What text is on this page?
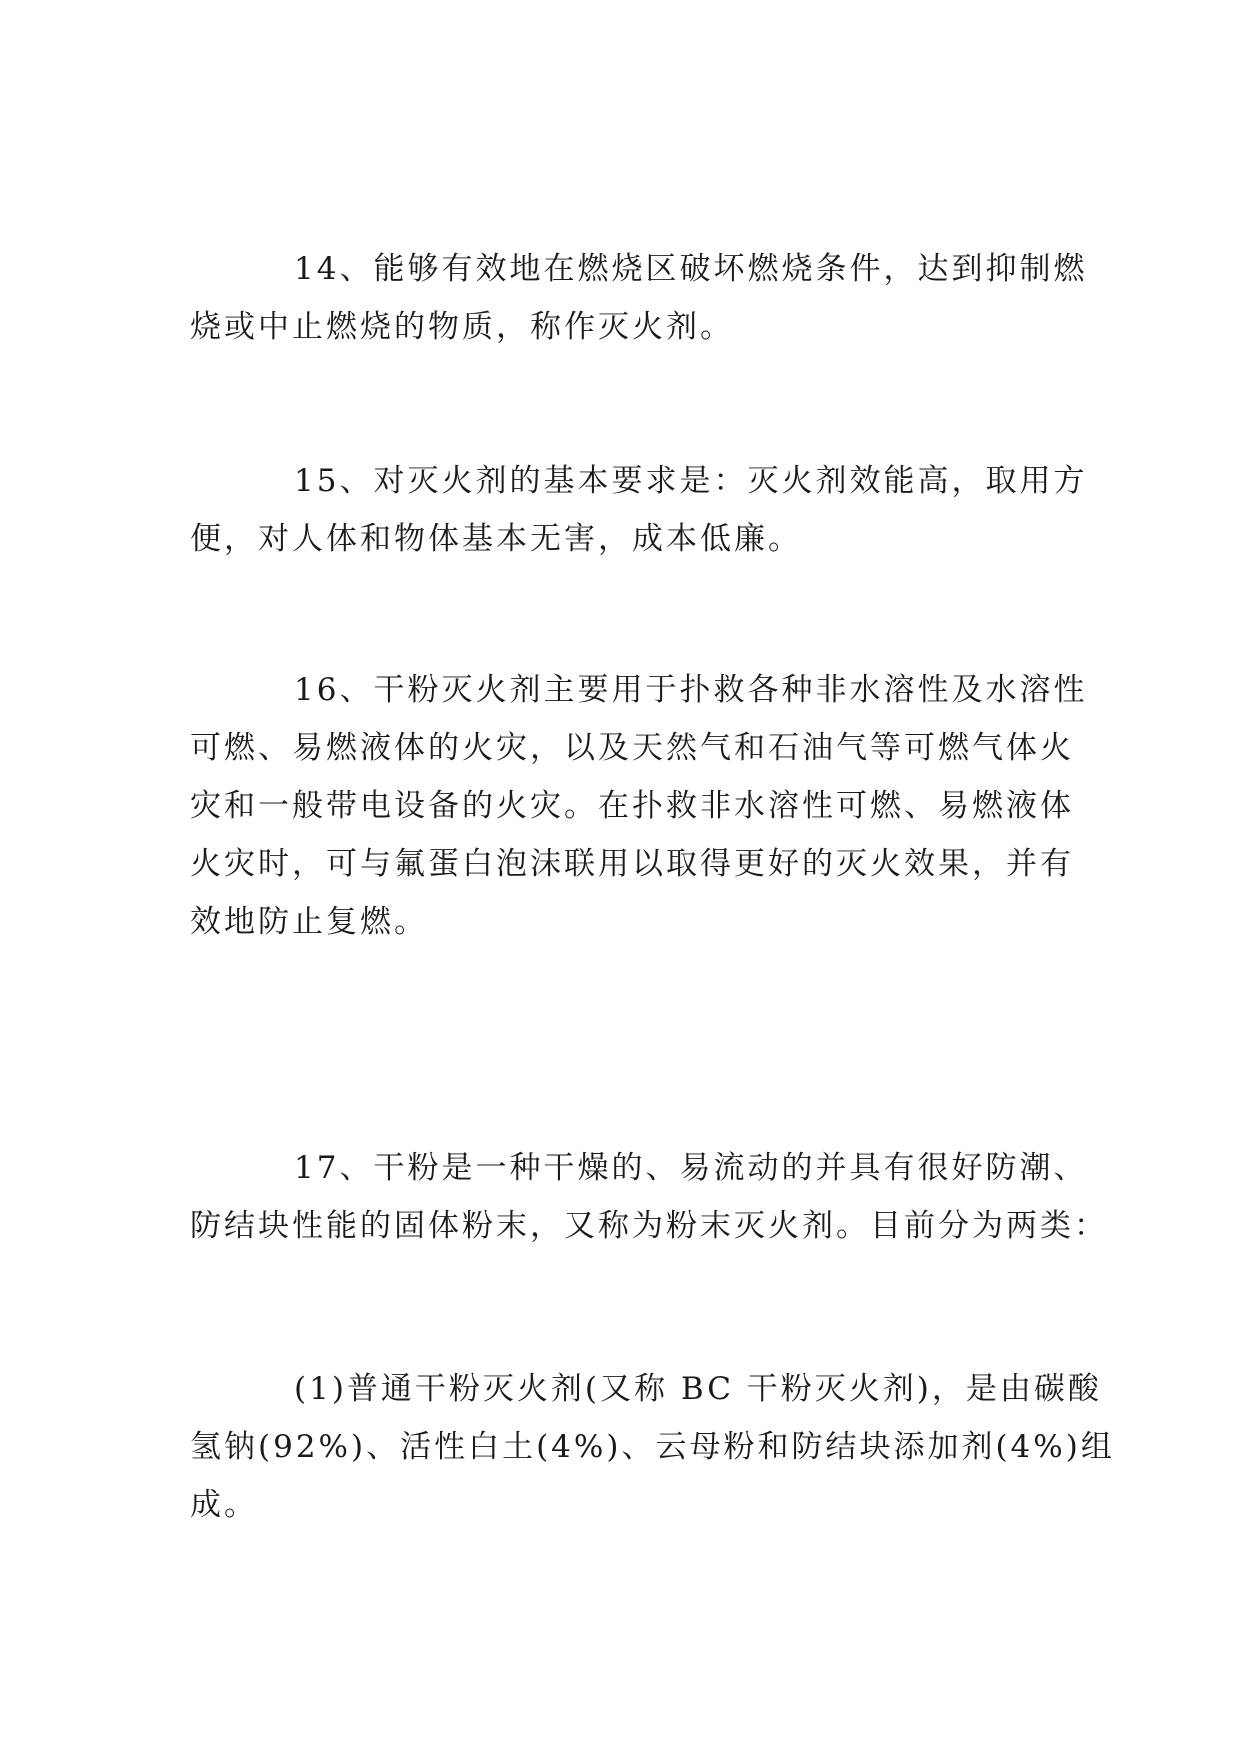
14、能够有效地在燃烧区破坏燃烧条件，达到抑制燃
烧或中止燃烧的物质，称作灭火剂。
15、对灭火剂的基本要求是：灭火剂效能高，取用方
便，对人体和物体基本无害，成本低廉。
16、干粉灭火剂主要用于扑救各种非水溶性及水溶性
可燃、易燃液体的火灾，以及天然气和石油气等可燃气体火
灾和一般带电设备的火灾。在扑救非水溶性可燃、易燃液体
火灾时，可与氟蛋白泡沫联用以取得更好的灭火效果，并有
效地防止复燃。
17、干粉是一种干燥的、易流动的并具有很好防潮、
防结块性能的固体粉末，又称为粉末灭火剂。目前分为两类：
(1)普通干粉灭火剂(又称 BC 干粉灭火剂)，是由碳酸
氢钠(92%)、活性白土(4%)、云母粉和防结块添加剂(4%)组
成。
